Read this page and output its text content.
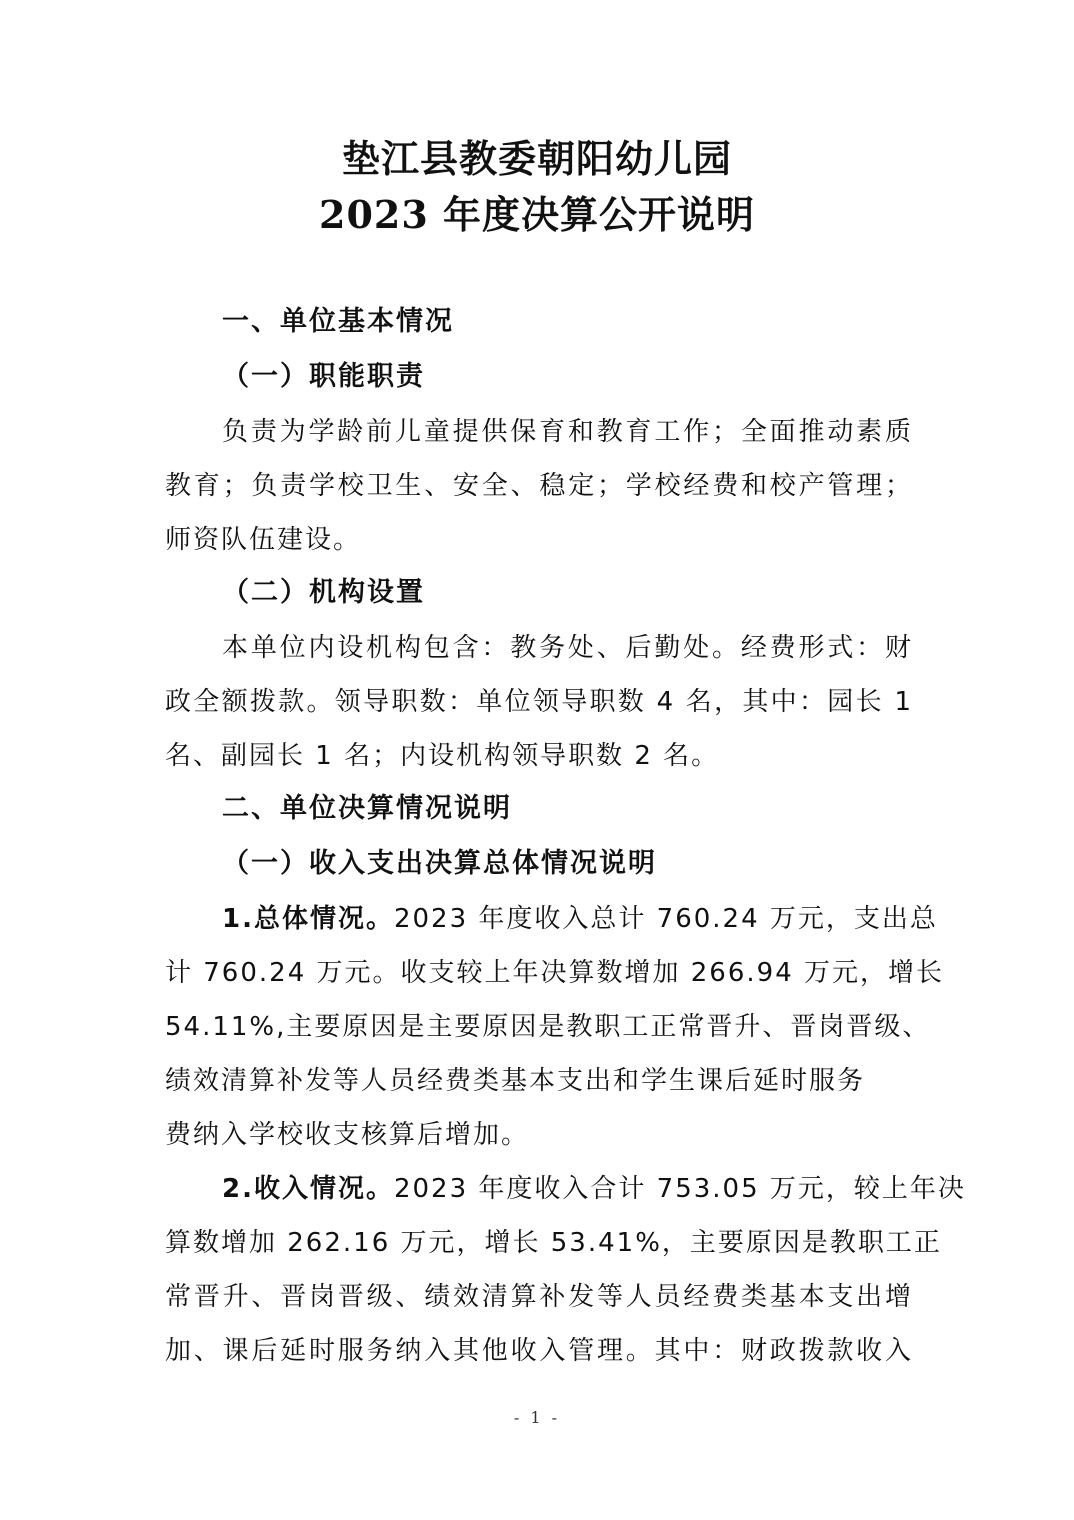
垫江县教委朝阳幼儿园
2023 年度决算公开说明
一、单位基本情况
（一）职能职责
负责为学龄前儿童提供保育和教育工作；全面推动素质
教育；负责学校卫生、安全、稳定；学校经费和校产管理；
师资队伍建设。
（二）机构设置
本单位内设机构包含：教务处、后勤处。经费形式：财
政全额拨款。领导职数：单位领导职数 4 名，其中：园长 1
名、副园长 1 名；内设机构领导职数 2 名。
二、单位决算情况说明
（一）收入支出决算总体情况说明
1.总体情况。2023 年度收入总计 760.24 万元，支出总
计 760.24 万元。收支较上年决算数增加 266.94 万元，增长
54.11%,主要原因是主要原因是教职工正常晋升、晋岗晋级、
绩效清算补发等人员经费类基本支出和学生课后延时服务
费纳入学校收支核算后增加。
2.收入情况。2023 年度收入合计 753.05 万元，较上年决
算数增加 262.16 万元，增长 53.41%，主要原因是教职工正
常晋升、晋岗晋级、绩效清算补发等人员经费类基本支出增
加、课后延时服务纳入其他收入管理。其中：财政拨款收入
- 1 -
